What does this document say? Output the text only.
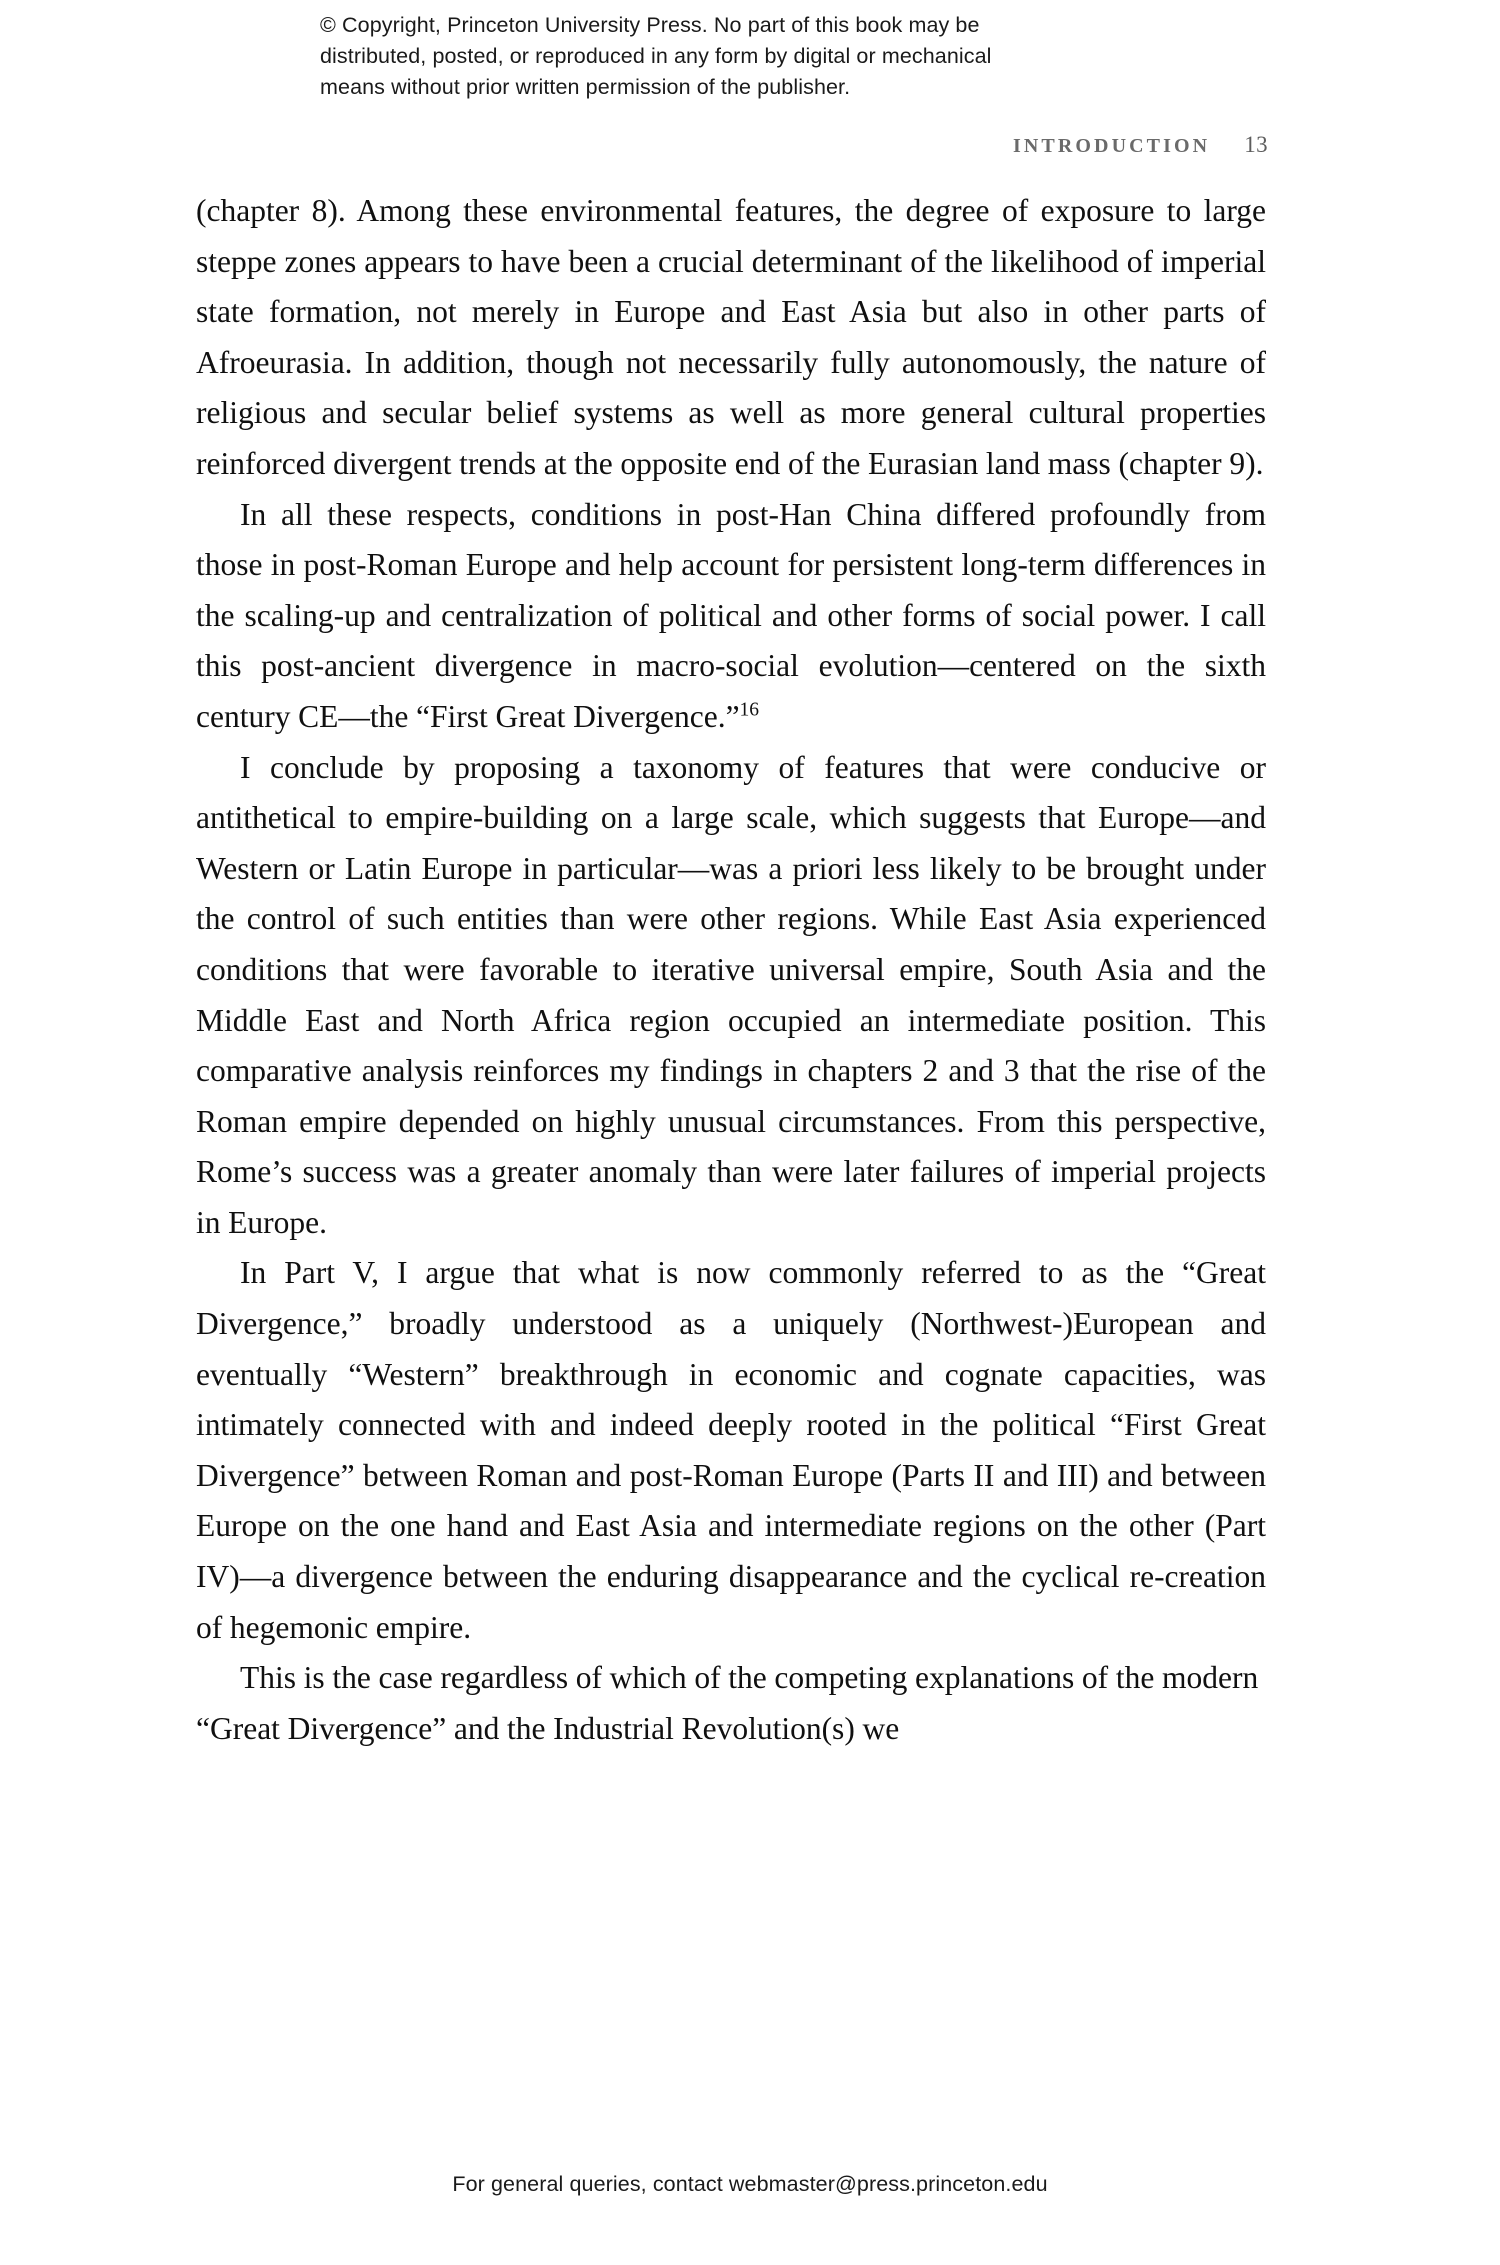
© Copyright, Princeton University Press. No part of this book may be
distributed, posted, or reproduced in any form by digital or mechanical
means without prior written permission of the publisher.
INTRODUCTION 13

(chapter 8). Among these environmental features, the degree of exposure to large steppe zones appears to have been a crucial determinant of the likelihood of imperial state formation, not merely in Europe and East Asia but also in other parts of Afroeurasia. In addition, though not necessarily fully autonomously, the nature of religious and secular belief systems as well as more general cultural properties reinforced divergent trends at the opposite end of the Eurasian land mass (chapter 9).

In all these respects, conditions in post-Han China differed profoundly from those in post-Roman Europe and help account for persistent long-term differences in the scaling-up and centralization of political and other forms of social power. I call this post-ancient divergence in macro-social evolution—centered on the sixth century CE—the “First Great Divergence.”$^{16}$

I conclude by proposing a taxonomy of features that were conducive or antithetical to empire-building on a large scale, which suggests that Europe—and Western or Latin Europe in particular—was a priori less likely to be brought under the control of such entities than were other regions. While East Asia experienced conditions that were favorable to iterative universal empire, South Asia and the Middle East and North Africa region occupied an intermediate position. This comparative analysis reinforces my findings in chapters 2 and 3 that the rise of the Roman empire depended on highly unusual circumstances. From this perspective, Rome’s success was a greater anomaly than were later failures of imperial projects in Europe.

In Part V, I argue that what is now commonly referred to as the “Great Divergence,” broadly understood as a uniquely (Northwest-)European and eventually “Western” breakthrough in economic and cognate capacities, was intimately connected with and indeed deeply rooted in the political “First Great Divergence” between Roman and post-Roman Europe (Parts II and III) and between Europe on the one hand and East Asia and intermediate regions on the other (Part IV)—a divergence between the enduring disappearance and the cyclical re-creation of hegemonic empire.

This is the case regardless of which of the competing explanations of the modern “Great Divergence” and the Industrial Revolution(s) we

For general queries, contact webmaster@press.princeton.edu
